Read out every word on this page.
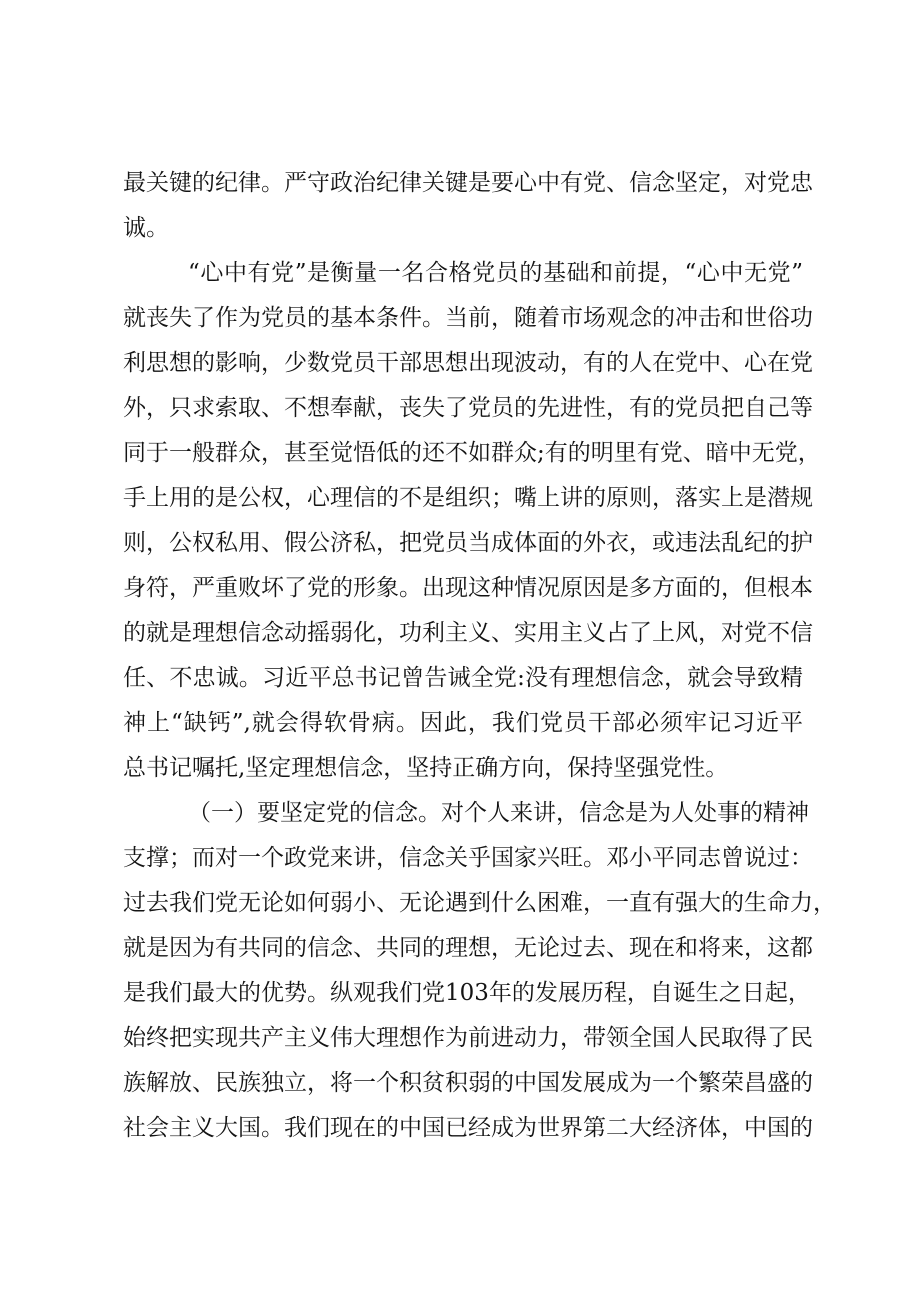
最关键的纪律。严守政治纪律关键是要心中有党、信念坚定，对党忠
诚。
“心中有党”是衡量一名合格党员的基础和前提，“心中无党”
就丧失了作为党员的基本条件。当前，随着市场观念的冲击和世俗功
利思想的影响，少数党员干部思想出现波动，有的人在党中、心在党
外，只求索取、不想奉献，丧失了党员的先进性，有的党员把自己等
同于一般群众，甚至觉悟低的还不如群众;有的明里有党、暗中无党，
手上用的是公权，心理信的不是组织；嘴上讲的原则，落实上是潜规
则，公权私用、假公济私，把党员当成体面的外衣，或违法乱纪的护
身符，严重败坏了党的形象。出现这种情况原因是多方面的，但根本
的就是理想信念动摇弱化，功利主义、实用主义占了上风，对党不信
任、不忠诚。习近平总书记曾告诫全党:没有理想信念，就会导致精
神上“缺钙”,就会得软骨病。因此，我们党员干部必须牢记习近平
总书记嘱托,坚定理想信念，坚持正确方向，保持坚强党性。
（一）要坚定党的信念。对个人来讲，信念是为人处事的精神
支撑；而对一个政党来讲，信念关乎国家兴旺。邓小平同志曾说过：
过去我们党无论如何弱小、无论遇到什么困难，一直有强大的生命力，
就是因为有共同的信念、共同的理想，无论过去、现在和将来，这都
是我们最大的优势。纵观我们党103年的发展历程，自诞生之日起，
始终把实现共产主义伟大理想作为前进动力，带领全国人民取得了民
族解放、民族独立，将一个积贫积弱的中国发展成为一个繁荣昌盛的
社会主义大国。我们现在的中国已经成为世界第二大经济体，中国的
